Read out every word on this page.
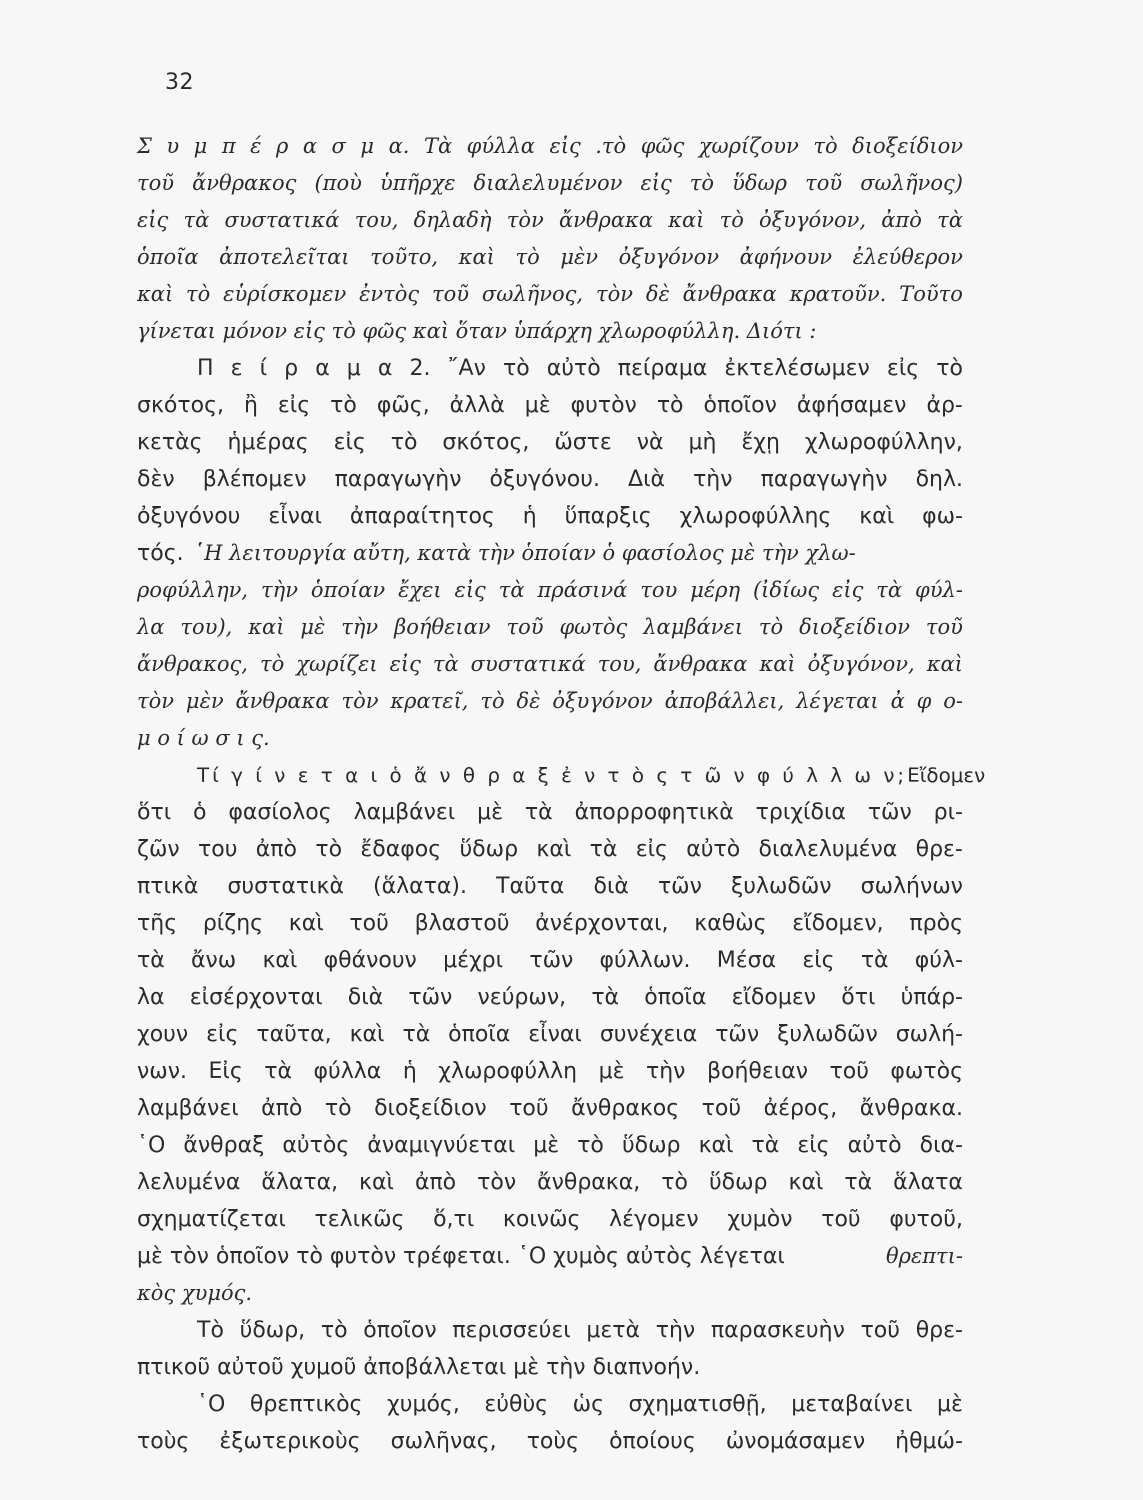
32
Σ υ μ π έ ρ α σ μ α. Τὰ φύλλα εἰς .τὸ φῶς χωρίζουν τὸ διοξείδιον
τοῦ ἄνθρακος (ποὺ ὑπῆρχε διαλελυμένον εἰς τὸ ὕδωρ τοῦ σωλῆνος)
εἰς τὰ συστατικά του, δηλαδὴ τὸν ἄνθρακα καὶ τὸ ὀξυγόνον, ἀπὸ τὰ
ὁποῖα ἀποτελεῖται τοῦτο, καὶ τὸ μὲν ὀξυγόνον ἀφήνουν ἐλεύθερον
καὶ τὸ εὑρίσκομεν ἐντὸς τοῦ σωλῆνος, τὸν δὲ ἄνθρακα κρατοῦν. Τοῦτο
γίνεται μόνον εἰς τὸ φῶς καὶ ὅταν ὑπάρχη χλωροφύλλη. Διότι :
Π ε ί ρ α μ α 2. ῎Αν τὸ αὐτὸ πείραμα ἐκτελέσωμεν εἰς τὸ
σκότος, ἢ εἰς τὸ φῶς, ἀλλὰ μὲ φυτὸν τὸ ὁποῖον ἀφήσαμεν ἀρ-
κετὰς ἡμέρας εἰς τὸ σκότος, ὥστε νὰ μὴ ἔχῃ χλωροφύλλην,
δὲν βλέπομεν παραγωγὴν ὀξυγόνου. Διὰ τὴν παραγωγὴν δηλ.
ὀξυγόνου εἶναι ἀπαραίτητος ἡ ὕπαρξις χλωροφύλλης καὶ φω-
τός. ῾Η λειτουργία αὔτη, κατὰ τὴν ὁποίαν ὁ φασίολος μὲ τὴν χλω-
ροφύλλην, τὴν ὁποίαν ἔχει εἰς τὰ πράσινά του μέρη (ἰδίως εἰς τὰ φύλ-
λα του), καὶ μὲ τὴν βοήθειαν τοῦ φωτὸς λαμβάνει τὸ διοξείδιον τοῦ
ἄνθρακος, τὸ χωρίζει εἰς τὰ συστατικά του, ἄνθρακα καὶ ὀξυγόνον, καὶ
τὸν μὲν ἄνθρακα τὸν κρατεῖ, τὸ δὲ ὀξυγόνον ἀποβάλλει, λέγεται ἀ φ ο-
μ ο ί ω σ ι ς.
Τί γ ί ν ε τ α ι ὁ ἄ ν θ ρ α ξ ἐ ν τ ὸ ς τ ῶ ν φ ύ λ λ ω ν; Εἴδομεν
ὅτι ὁ φασίολος λαμβάνει μὲ τὰ ἀπορροφητικὰ τριχίδια τῶν ρι-
ζῶν του ἀπὸ τὸ ἔδαφος ὕδωρ καὶ τὰ εἰς αὐτὸ διαλελυμένα θρε-
πτικὰ συστατικὰ (ἅλατα). Ταῦτα διὰ τῶν ξυλωδῶν σωλήνων
τῆς ρίζης καὶ τοῦ βλαστοῦ ἀνέρχονται, καθὼς εἴδομεν, πρὸς
τὰ ἄνω καὶ φθάνουν μέχρι τῶν φύλλων. Μέσα εἰς τὰ φύλ-
λα εἰσέρχονται διὰ τῶν νεύρων, τὰ ὁποῖα εἴδομεν ὅτι ὑπάρ-
χουν εἰς ταῦτα, καὶ τὰ ὁποῖα εἶναι συνέχεια τῶν ξυλωδῶν σωλή-
νων. Εἰς τὰ φύλλα ἡ χλωροφύλλη μὲ τὴν βοήθειαν τοῦ φωτὸς
λαμβάνει ἀπὸ τὸ διοξείδιον τοῦ ἄνθρακος τοῦ ἀέρος, ἄνθρακα.
῾Ο ἄνθραξ αὐτὸς ἀναμιγνύεται μὲ τὸ ὕδωρ καὶ τὰ εἰς αὐτὸ δια-
λελυμένα ἅλατα, καὶ ἀπὸ τὸν ἄνθρακα, τὸ ὕδωρ καὶ τὰ ἅλατα
σχηματίζεται τελικῶς ὅ,τι κοινῶς λέγομεν χυμὸν τοῦ φυτοῦ,
μὲ τὸν ὁποῖον τὸ φυτὸν τρέφεται. ῾Ο χυμὸς αὐτὸς λέγεται	θρεπτι-
κὸς χυμός.
Τὸ ὕδωρ, τὸ ὁποῖον περισσεύει μετὰ τὴν παρασκευὴν τοῦ θρε-
πτικοῦ αὐτοῦ χυμοῦ ἀποβάλλεται μὲ τὴν διαπνοήν.
῾Ο θρεπτικὸς χυμός, εὐθὺς ὡς σχηματισθῇ, μεταβαίνει μὲ
τοὺς ἐξωτερικοὺς σωλῆνας, τοὺς ὁποίους ὠνομάσαμεν ἠθμώ-
